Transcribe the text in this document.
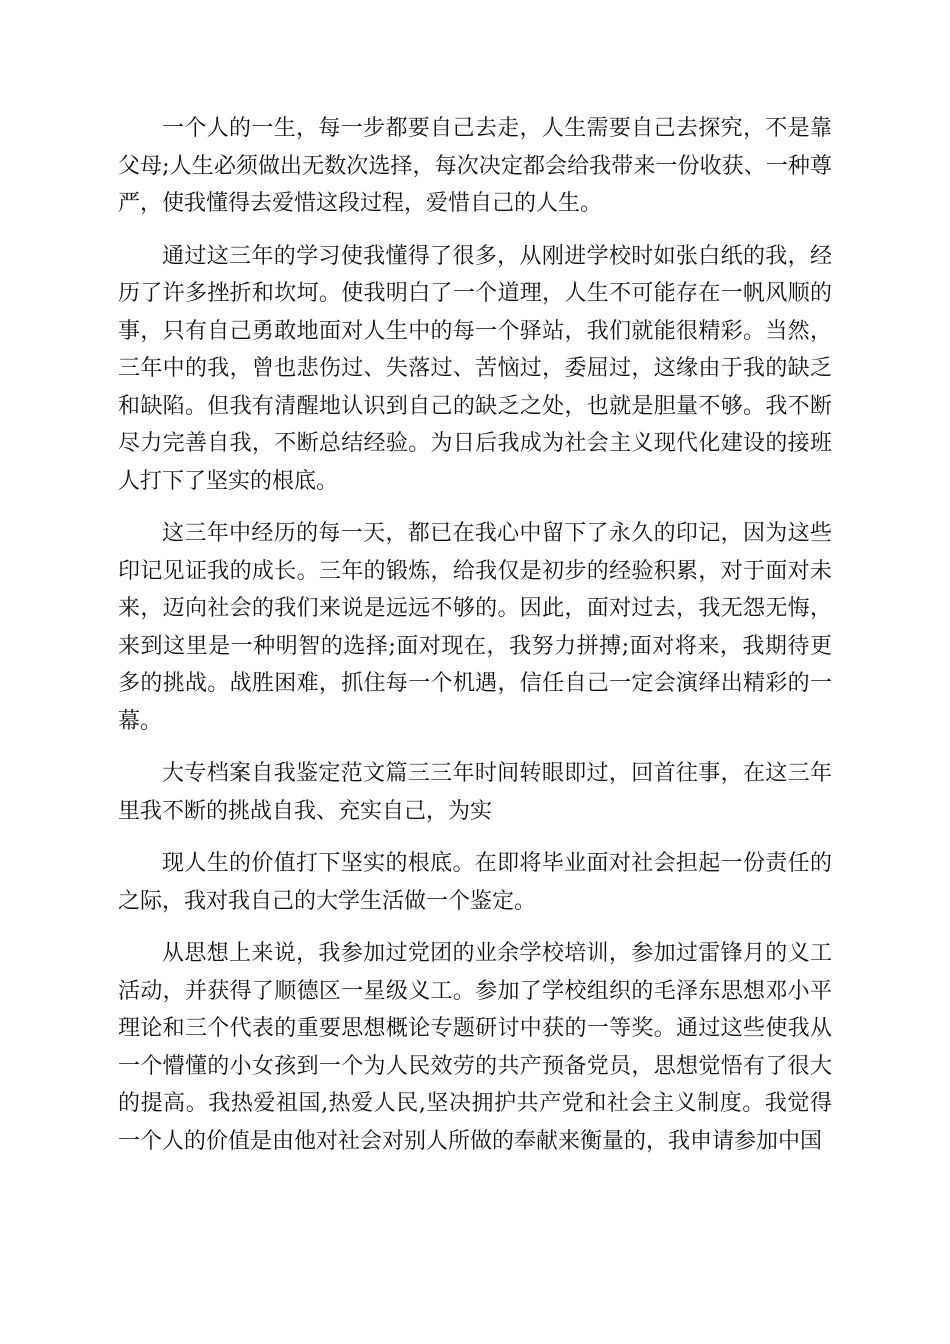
一个人的一生，每一步都要自己去走，人生需要自己去探究，不是靠父母;人生必须做出无数次选择，每次决定都会给我带来一份收获、一种尊严，使我懂得去爱惜这段过程，爱惜自己的人生。

通过这三年的学习使我懂得了很多，从刚进学校时如张白纸的我，经历了许多挫折和坎坷。使我明白了一个道理，人生不可能存在一帆风顺的事，只有自己勇敢地面对人生中的每一个驿站，我们就能很精彩。当然，三年中的我，曾也悲伤过、失落过、苦恼过，委屈过，这缘由于我的缺乏和缺陷。但我有清醒地认识到自己的缺乏之处，也就是胆量不够。我不断尽力完善自我，不断总结经验。为日后我成为社会主义现代化建设的接班人打下了坚实的根底。

这三年中经历的每一天，都已在我心中留下了永久的印记，因为这些印记见证我的成长。三年的锻炼，给我仅是初步的经验积累，对于面对未来，迈向社会的我们来说是远远不够的。因此，面对过去，我无怨无悔，来到这里是一种明智的选择;面对现在，我努力拼搏;面对将来，我期待更多的挑战。战胜困难，抓住每一个机遇，信任自己一定会演绎出精彩的一幕。

大专档案自我鉴定范文篇三三年时间转眼即过，回首往事，在这三年里我不断的挑战自我、充实自己，为实

现人生的价值打下坚实的根底。在即将毕业面对社会担起一份责任的之际，我对我自己的大学生活做一个鉴定。

从思想上来说，我参加过党团的业余学校培训，参加过雷锋月的义工活动，并获得了顺德区一星级义工。参加了学校组织的毛泽东思想邓小平理论和三个代表的重要思想概论专题研讨中获的一等奖。通过这些使我从一个懵懂的小女孩到一个为人民效劳的共产预备党员，思想觉悟有了很大的提高。我热爱祖国,热爱人民,坚决拥护共产党和社会主义制度。我觉得一个人的价值是由他对社会对别人所做的奉献来衡量的，我申请参加中国
